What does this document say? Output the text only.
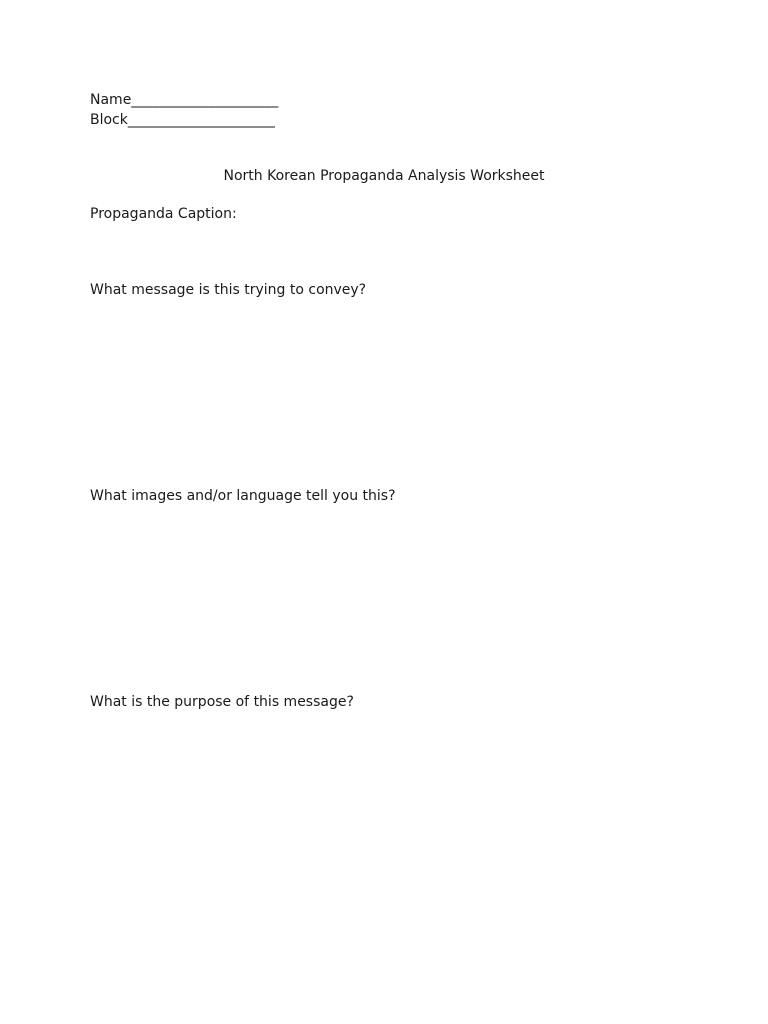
Name_____________________
Block_____________________
North Korean Propaganda Analysis Worksheet
Propaganda Caption:
What message is this trying to convey?
What images and/or language tell you this?
What is the purpose of this message?
